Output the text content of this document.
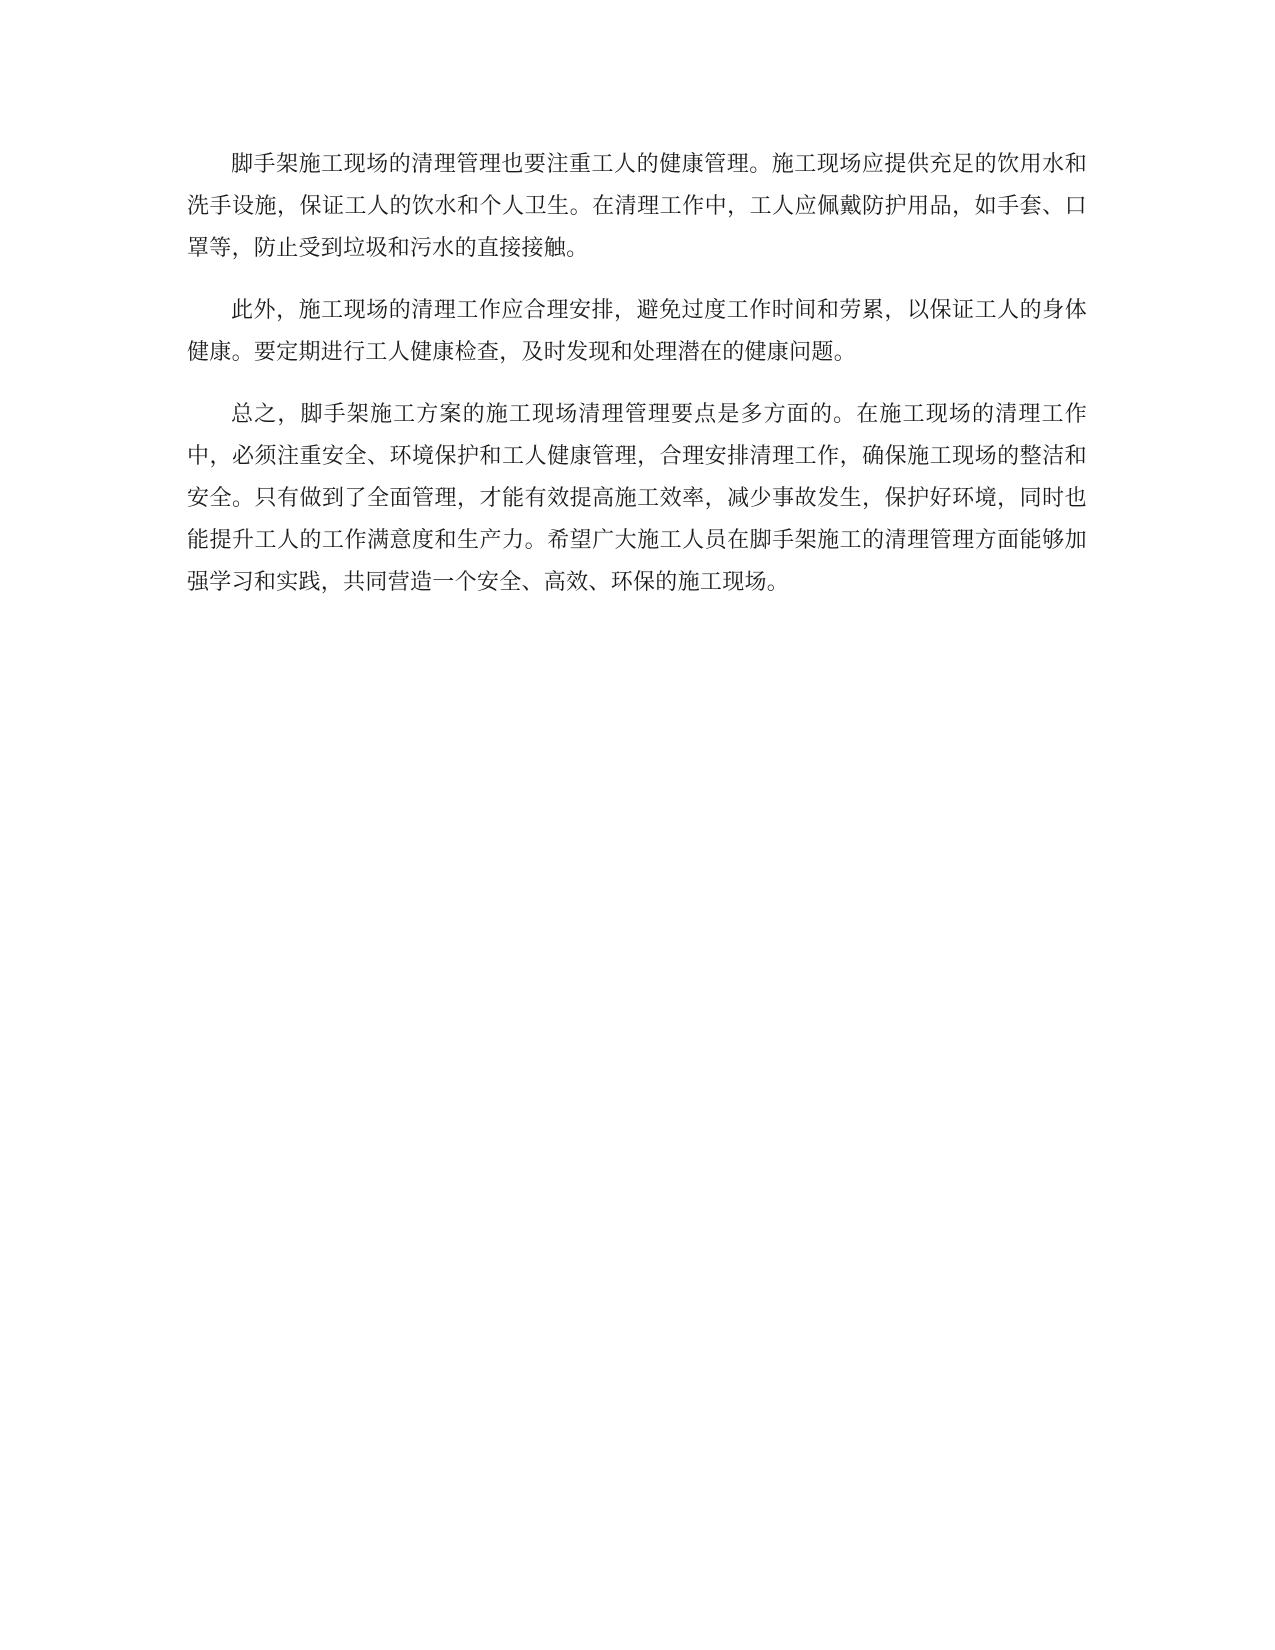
脚手架施工现场的清理管理也要注重工人的健康管理。施工现场应提供充足的饮用水和洗手设施，保证工人的饮水和个人卫生。在清理工作中，工人应佩戴防护用品，如手套、口罩等，防止受到垃圾和污水的直接接触。

此外，施工现场的清理工作应合理安排，避免过度工作时间和劳累，以保证工人的身体健康。要定期进行工人健康检查，及时发现和处理潜在的健康问题。

总之，脚手架施工方案的施工现场清理管理要点是多方面的。在施工现场的清理工作中，必须注重安全、环境保护和工人健康管理，合理安排清理工作，确保施工现场的整洁和安全。只有做到了全面管理，才能有效提高施工效率，减少事故发生，保护好环境，同时也能提升工人的工作满意度和生产力。希望广大施工人员在脚手架施工的清理管理方面能够加强学习和实践，共同营造一个安全、高效、环保的施工现场。
